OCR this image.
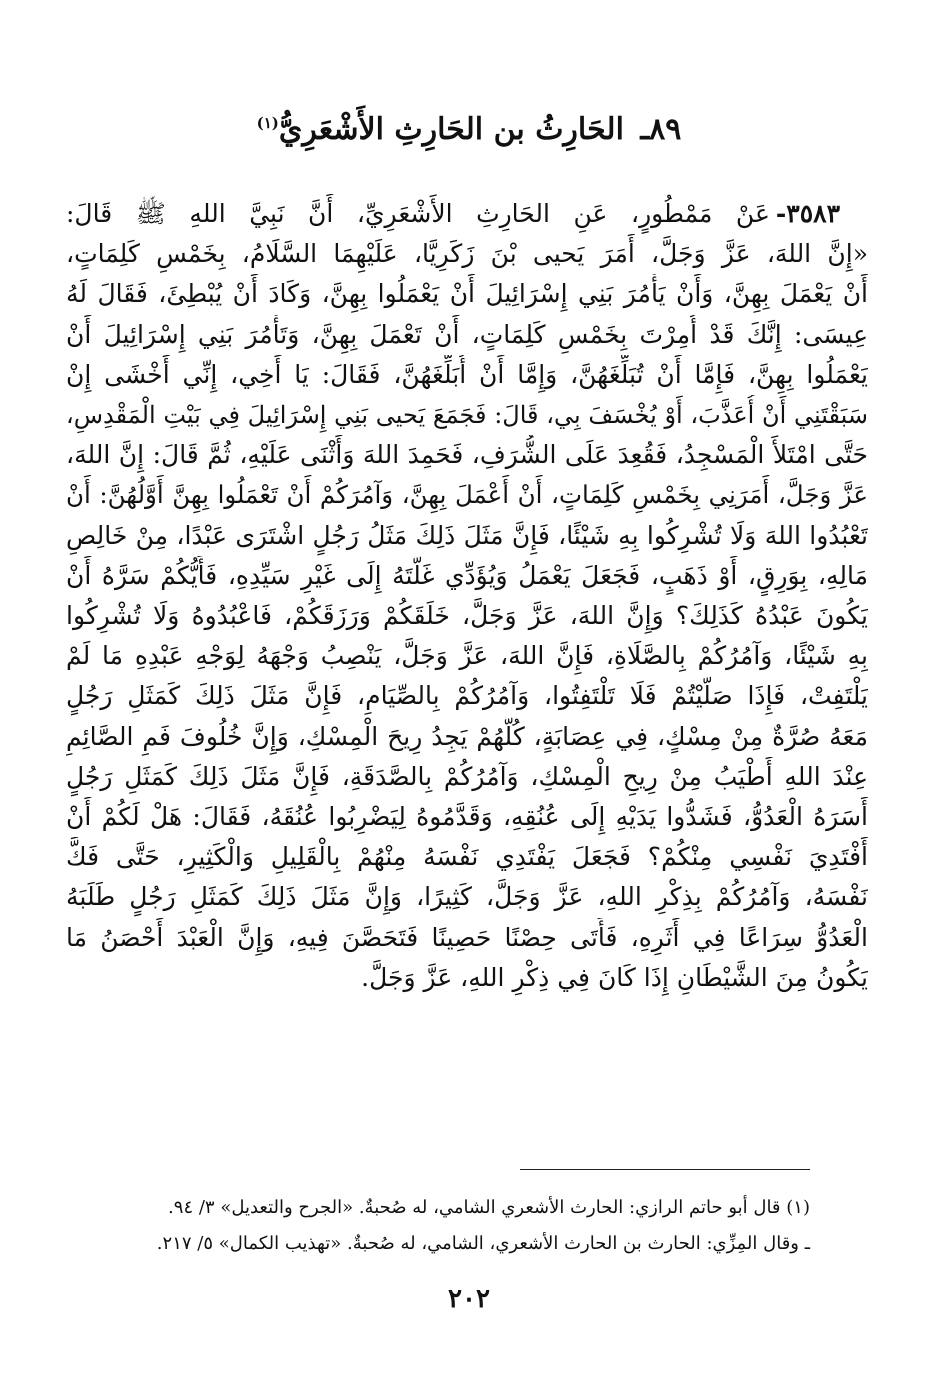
٨٩ـ الحَارِثُ بن الحَارِثِ الأَشْعَرِيُّ$^{(١)}$
٣٥٨٣-عَنْ مَمْطُورٍ، عَنِ الحَارِثِ الأَشْعَرِيِّ، أَنَّ نَبِيَّ اللهِ ﷺ قَالَ:
«إِنَّ اللهَ، عَزَّ وَجَلَّ، أَمَرَ يَحيى بْنَ زَكَرِيَّا، عَلَيْهِمَا السَّلَامُ، بِخَمْسِ كَلِمَاتٍ،
أَنْ يَعْمَلَ بِهِنَّ، وَأَنْ يَأْمُرَ بَنِي إِسْرَائِيلَ أَنْ يَعْمَلُوا بِهِنَّ، وَكَادَ أَنْ يُبْطِئَ، فَقَالَ لَهُ
عِيسَى: إِنَّكَ قَدْ أُمِرْتَ بِخَمْسِ كَلِمَاتٍ، أَنْ تَعْمَلَ بِهِنَّ، وَتَأْمُرَ بَنِي إِسْرَائِيلَ أَنْ
يَعْمَلُوا بِهِنَّ، فَإِمَّا أَنْ تُبَلِّغَهُنَّ، وَإِمَّا أَنْ أُبَلِّغَهُنَّ، فَقَالَ: يَا أَخِي، إِنِّي أَخْشَى إِنْ
سَبَقْتَنِي أَنْ أُعَذَّبَ، أَوْ يُخْسَفَ بِي، قَالَ: فَجَمَعَ يَحيى بَنِي إِسْرَائِيلَ فِي بَيْتِ الْمَقْدِسِ،
حَتَّى امْتَلأَ الْمَسْجِدُ، فَقُعِدَ عَلَى الشُّرَفِ، فَحَمِدَ اللهَ وَأَثْنَى عَلَيْهِ، ثُمَّ قَالَ: إِنَّ اللهَ،
عَزَّ وَجَلَّ، أَمَرَنِي بِخَمْسِ كَلِمَاتٍ، أَنْ أَعْمَلَ بِهِنَّ، وَآمُرَكُمْ أَنْ تَعْمَلُوا بِهِنَّ أَوَّلُهُنَّ: أَنْ
تَعْبُدُوا اللهَ وَلَا تُشْرِكُوا بِهِ شَيْئًا، فَإِنَّ مَثَلَ ذَلِكَ مَثَلُ رَجُلٍ اشْتَرَى عَبْدًا، مِنْ خَالِصِ
مَالِهِ، بِوَرِقٍ، أَوْ ذَهَبٍ، فَجَعَلَ يَعْمَلُ وَيُؤَدِّي غَلَّتَهُ إِلَى غَيْرِ سَيِّدِهِ، فَأَيُّكُمْ سَرَّهُ أَنْ
يَكُونَ عَبْدُهُ كَذَلِكَ؟ وَإِنَّ اللهَ، عَزَّ وَجَلَّ، خَلَقَكُمْ وَرَزَقَكُمْ، فَاعْبُدُوهُ وَلَا تُشْرِكُوا
بِهِ شَيْئًا، وَآمُرُكُمْ بِالصَّلَاةِ، فَإِنَّ اللهَ، عَزَّ وَجَلَّ، يَنْصِبُ وَجْهَهُ لِوَجْهِ عَبْدِهِ مَا لَمْ
يَلْتَفِتْ، فَإِذَا صَلَّيْتُمْ فَلَا تَلْتَفِتُوا، وَآمُرُكُمْ بِالصِّيَامِ، فَإِنَّ مَثَلَ ذَلِكَ كَمَثَلِ رَجُلٍ
مَعَهُ صُرَّةٌ مِنْ مِسْكٍ، فِي عِصَابَةٍ، كُلُّهُمْ يَجِدُ رِيحَ الْمِسْكِ، وَإِنَّ خُلُوفَ فَمِ الصَّائِمِ
عِنْدَ اللهِ أَطْيَبُ مِنْ رِيحِ الْمِسْكِ، وَآمُرُكُمْ بِالصَّدَقَةِ، فَإِنَّ مَثَلَ ذَلِكَ كَمَثَلِ رَجُلٍ
أَسَرَهُ الْعَدُوُّ، فَشَدُّوا يَدَيْهِ إِلَى عُنُقِهِ، وَقَدَّمُوهُ لِيَضْرِبُوا عُنُقَهُ، فَقَالَ: هَلْ لَكُمْ أَنْ
أَفْتَدِيَ نَفْسِي مِنْكُمْ؟ فَجَعَلَ يَفْتَدِي نَفْسَهُ مِنْهُمْ بِالْقَلِيلِ وَالْكَثِيرِ، حَتَّى فَكَّ
نَفْسَهُ، وَآمُرُكُمْ بِذِكْرِ اللهِ، عَزَّ وَجَلَّ، كَثِيرًا، وَإِنَّ مَثَلَ ذَلِكَ كَمَثَلِ رَجُلٍ طَلَبَهُ
الْعَدُوُّ سِرَاعًا فِي أَثَرِهِ، فَأَتَى حِصْنًا حَصِينًا فَتَحَصَّنَ فِيهِ، وَإِنَّ الْعَبْدَ أَحْصَنُ مَا
يَكُونُ مِنَ الشَّيْطَانِ إِذَا كَانَ فِي ذِكْرِ اللهِ، عَزَّ وَجَلَّ.
(١) قال أبو حاتم الرازي: الحارث الأشعري الشامي، له صُحبةٌ. «الجرح والتعديل» ٣/ ٩٤.
ـ وقال المِزِّي: الحارث بن الحارث الأشعري، الشامي، له صُحبةٌ. «تهذيب الكمال» ٥/ ٢١٧.
٢٠٢
